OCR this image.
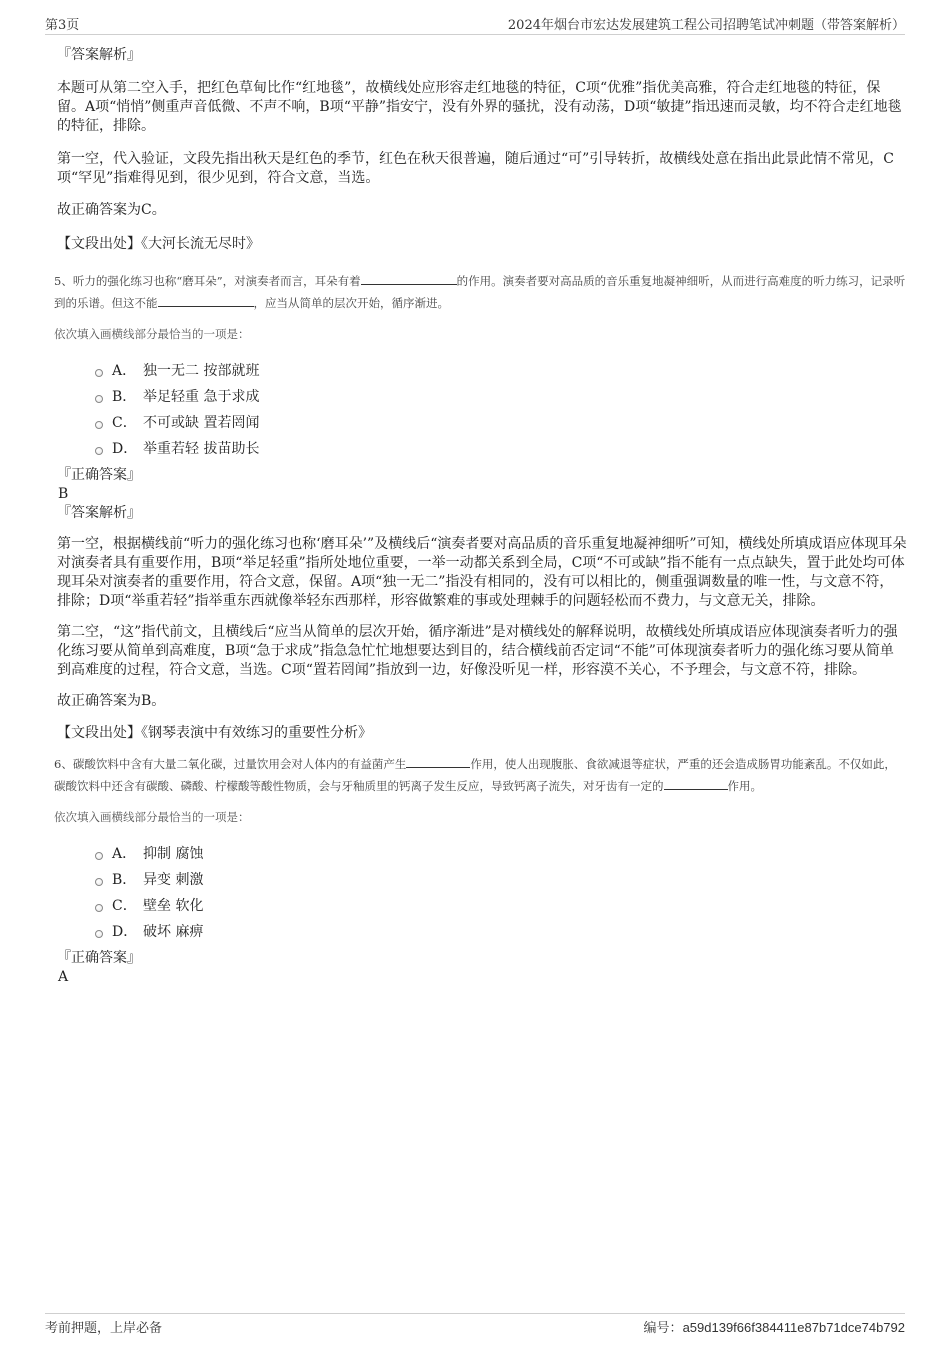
第3页	2024年烟台市宏达发展建筑工程公司招聘笔试冲刺题（带答案解析）

『答案解析』

本题可从第二空入手，把红色草甸比作“红地毯”，故横线处应形容走红地毯的特征，C项“优雅”指优美高雅，符合走红地毯的特征，保留。A项“悄悄”侧重声音低微、不声不响，B项“平静”指安宁，没有外界的骚扰，没有动荡，D项“敏捷”指迅速而灵敏，均不符合走红地毯的特征，排除。

第一空，代入验证，文段先指出秋天是红色的季节，红色在秋天很普遍，随后通过“可”引导转折，故横线处意在指出此景此情不常见，C项“罕见”指难得见到，很少见到，符合文意，当选。

故正确答案为C。

【文段出处】《大河长流无尽时》

5、听力的强化练习也称“磨耳朵”，对演奏者而言，耳朵有着	的作用。演奏者要对高品质的音乐重复地凝神细听，从而进行高难度的听力练习，记录听到的乐谱。但这不能	，应当从简单的层次开始，循序渐进。

依次填入画横线部分最恰当的一项是：

A． 独一无二 按部就班
B． 举足轻重 急于求成
C． 不可或缺 置若罔闻
D． 举重若轻 拔苗助长

『正确答案』

B

『答案解析』

第一空，根据横线前“听力的强化练习也称‘磨耳朵’”及横线后“演奏者要对高品质的音乐重复地凝神细听”可知，横线处所填成语应体现耳朵对演奏者具有重要作用，B项“举足轻重”指所处地位重要，一举一动都关系到全局，C项“不可或缺”指不能有一点点缺失，置于此处均可体现耳朵对演奏者的重要作用，符合文意，保留。A项“独一无二”指没有相同的，没有可以相比的，侧重强调数量的唯一性，与文意不符，排除；D项“举重若轻”指举重东西就像举轻东西那样，形容做繁难的事或处理棘手的问题轻松而不费力，与文意无关，排除。

第二空，“这”指代前文，且横线后“应当从简单的层次开始，循序渐进”是对横线处的解释说明，故横线处所填成语应体现演奏者听力的强化练习要从简单到高难度，B项“急于求成”指急急忙忙地想要达到目的，结合横线前否定词“不能”可体现演奏者听力的强化练习要从简单到高难度的过程，符合文意，当选。C项“置若罔闻”指放到一边，好像没听见一样，形容漠不关心，不予理会，与文意不符，排除。

故正确答案为B。

【文段出处】《钢琴表演中有效练习的重要性分析》

6、碳酸饮料中含有大量二氧化碳，过量饮用会对人体内的有益菌产生	作用，使人出现腹胀、食欲减退等症状，严重的还会造成肠胃功能紊乱。不仅如此，碳酸饮料中还含有碳酸、磷酸、柠檬酸等酸性物质，会与牙釉质里的钙离子发生反应，导致钙离子流失，对牙齿有一定的	作用。

依次填入画横线部分最恰当的一项是：

A． 抑制 腐蚀
B． 异变 刺激
C． 壁垒 软化
D． 破坏 麻痹

『正确答案』

A

考前押题，上岸必备	编号：a59d139f66f384411e87b71dce74b792
